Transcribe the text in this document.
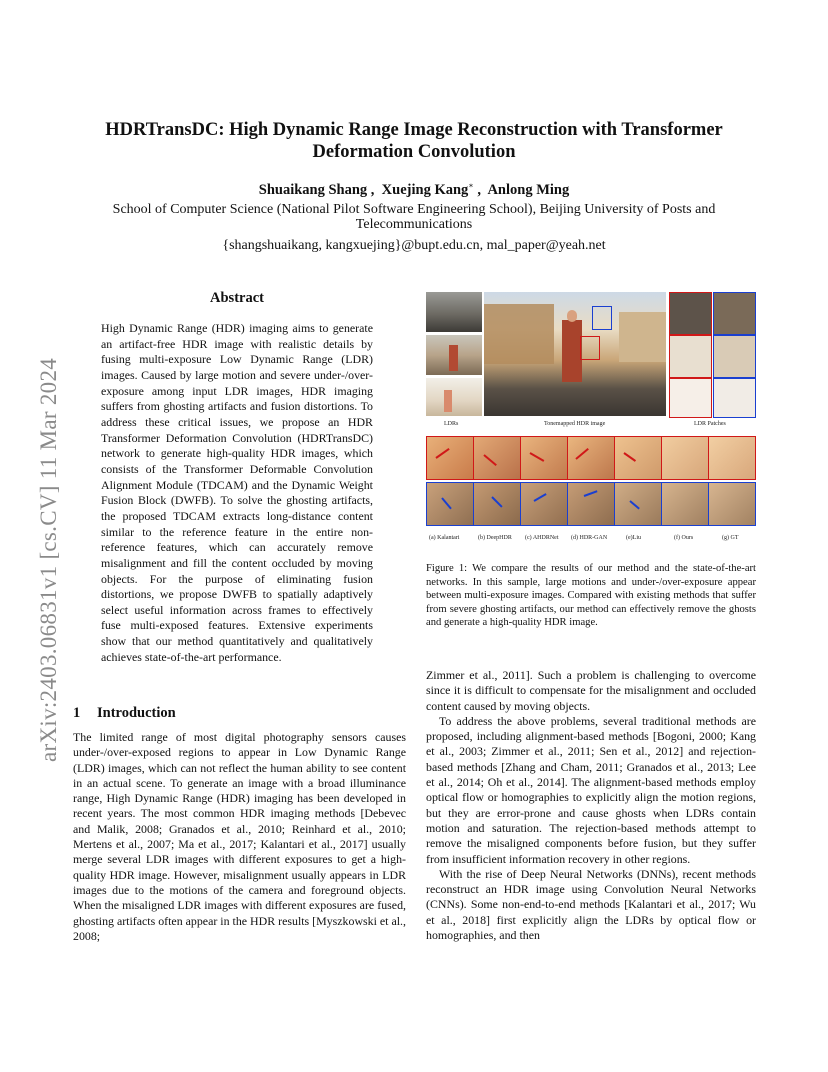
HDRTransDC: High Dynamic Range Image Reconstruction with Transformer Deformation Convolution
Shuaikang Shang ,  Xuejing Kang∗ ,  Anlong Ming
School of Computer Science (National Pilot Software Engineering School), Beijing University of Posts and Telecommunications
{shangshuaikang, kangxuejing}@bupt.edu.cn, mal_paper@yeah.net
arXiv:2403.06831v1 [cs.CV] 11 Mar 2024
Abstract
High Dynamic Range (HDR) imaging aims to generate an artifact-free HDR image with realistic details by fusing multi-exposure Low Dynamic Range (LDR) images. Caused by large motion and severe under-/over-exposure among input LDR images, HDR imaging suffers from ghosting artifacts and fusion distortions. To address these critical issues, we propose an HDR Transformer Deformation Convolution (HDRTransDC) network to generate high-quality HDR images, which consists of the Transformer Deformable Convolution Alignment Module (TDCAM) and the Dynamic Weight Fusion Block (DWFB). To solve the ghosting artifacts, the proposed TDCAM extracts long-distance content similar to the reference feature in the entire non-reference features, which can accurately remove misalignment and fill the content occluded by moving objects. For the purpose of eliminating fusion distortions, we propose DWFB to spatially adaptively select useful information across frames to effectively fuse multi-exposed features. Extensive experiments show that our method quantitatively and qualitatively achieves state-of-the-art performance.
1 Introduction

The limited range of most digital photography sensors causes under-/over-exposed regions to appear in Low Dynamic Range (LDR) images, which can not reflect the human ability to see content in an actual scene. To generate an image with a broad illuminance range, High Dynamic Range (HDR) imaging has been developed in recent years. The most common HDR imaging methods [Debevec and Malik, 2008; Granados et al., 2010; Reinhard et al., 2010; Mertens et al., 2007; Ma et al., 2017; Kalantari et al., 2017] usually merge several LDR images with different exposures to get a high-quality HDR image. However, misalignment usually appears in LDR images due to the motions of the camera and foreground objects. When the misaligned LDR images with different exposures are fused, ghosting artifacts often appear in the HDR results [Myszkowski et al., 2008;

LDRs	Tonemapped HDR image	LDR Patches
(a) Kalantari	(b) DeepHDR (c) AHDRNet (d) HDR-GAN	(e)Liu	(f) Ours	(g) GT
Figure 1: We compare the results of our method and the state-of-the-art networks. In this sample, large motions and under-/over-exposure appear between multi-exposure images. Compared with existing methods that suffer from severe ghosting artifacts, our method can effectively remove the ghosts and generate a high-quality HDR image.

Zimmer et al., 2011]. Such a problem is challenging to overcome since it is difficult to compensate for the misalignment and occluded content caused by moving objects.

To address the above problems, several traditional methods are proposed, including alignment-based methods [Bogoni, 2000; Kang et al., 2003; Zimmer et al., 2011; Sen et al., 2012] and rejection-based methods [Zhang and Cham, 2011; Granados et al., 2013; Lee et al., 2014; Oh et al., 2014]. The alignment-based methods employ optical flow or homographies to explicitly align the motion regions, but they are error-prone and cause ghosts when LDRs contain motion and saturation. The rejection-based methods attempt to remove the misaligned components before fusion, but they suffer from insufficient information recovery in other regions.

With the rise of Deep Neural Networks (DNNs), recent methods reconstruct an HDR image using Convolution Neural Networks (CNNs). Some non-end-to-end methods [Kalantari et al., 2017; Wu et al., 2018] first explicitly align the LDRs by optical flow or homographies, and then
